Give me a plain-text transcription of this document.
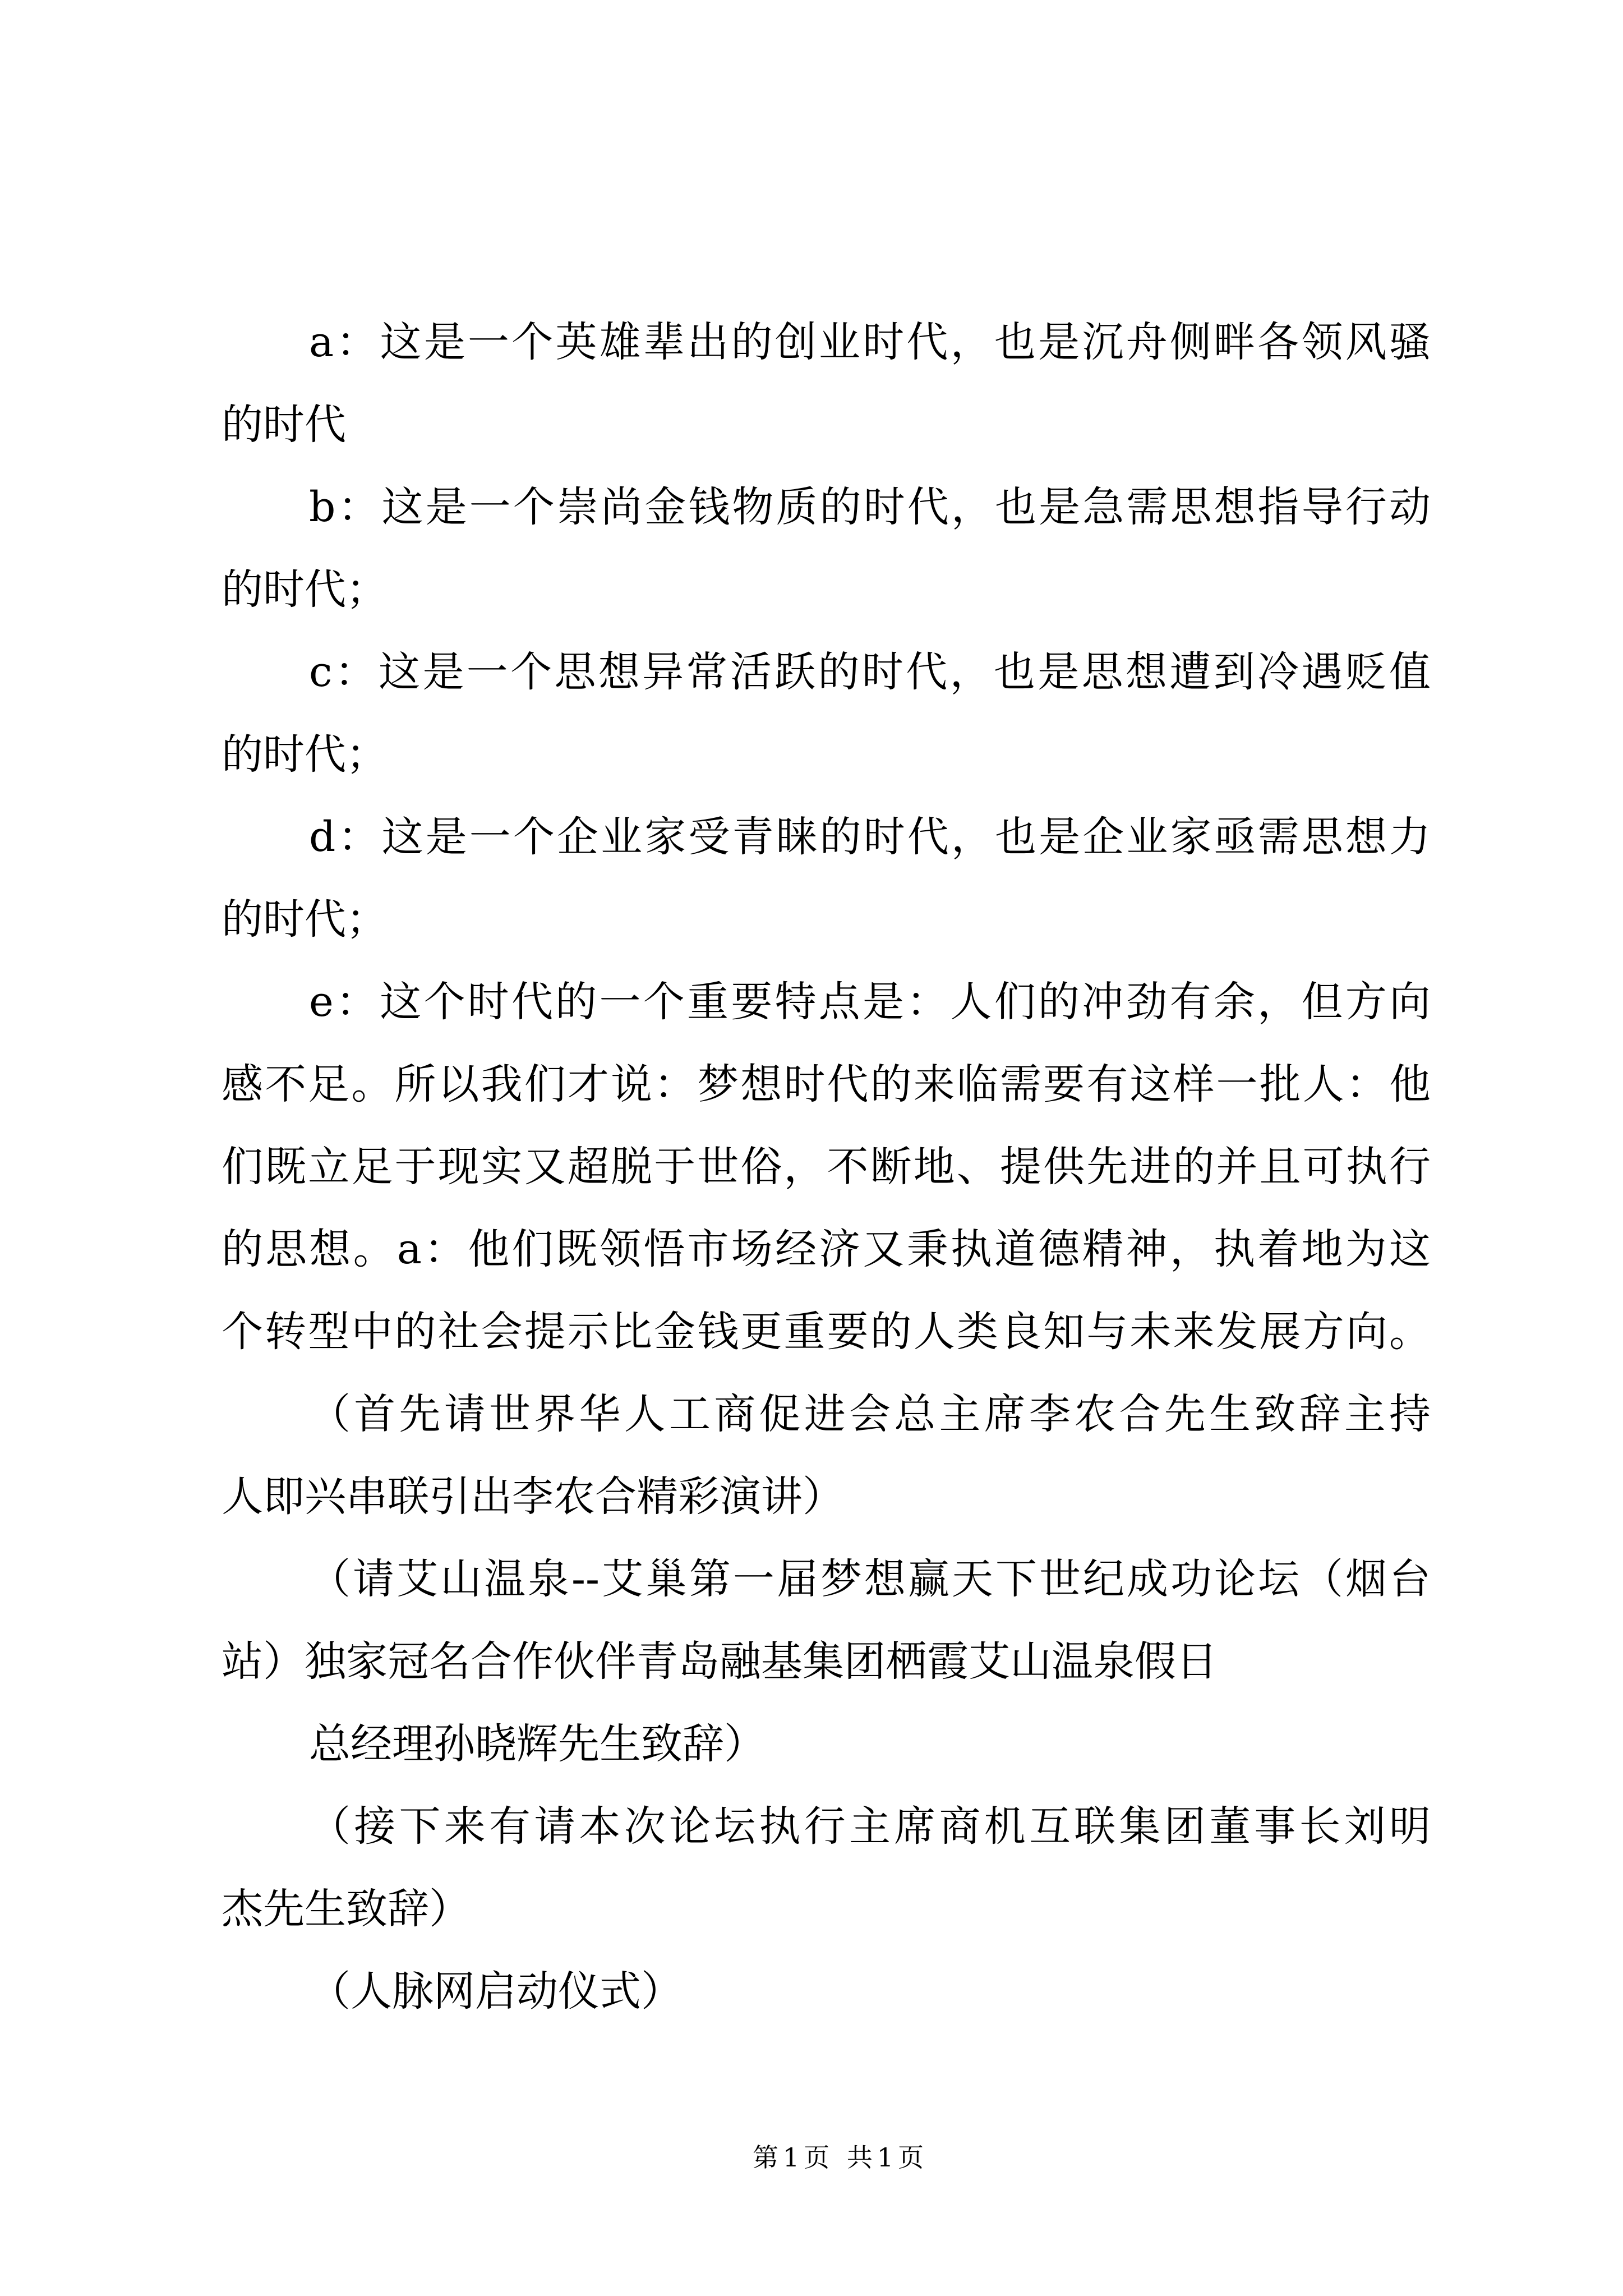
a：这是一个英雄辈出的创业时代，也是沉舟侧畔各领风骚
的时代
b：这是一个崇尚金钱物质的时代，也是急需思想指导行动
的时代；
c：这是一个思想异常活跃的时代，也是思想遭到冷遇贬值
的时代；
d：这是一个企业家受青睐的时代，也是企业家亟需思想力
的时代；
e：这个时代的一个重要特点是：人们的冲劲有余，但方向
感不足。所以我们才说：梦想时代的来临需要有这样一批人：他
们既立足于现实又超脱于世俗，不断地、提供先进的并且可执行
的思想。a：他们既领悟市场经济又秉执道德精神，执着地为这
个转型中的社会提示比金钱更重要的人类良知与未来发展方向。
（首先请世界华人工商促进会总主席李农合先生致辞主持
人即兴串联引出李农合精彩演讲）
（请艾山温泉--艾巢第一届梦想赢天下世纪成功论坛（烟台
站）独家冠名合作伙伴青岛融基集团栖霞艾山温泉假日
总经理孙晓辉先生致辞）
（接下来有请本次论坛执行主席商机互联集团董事长刘明
杰先生致辞）
（人脉网启动仪式）
第1页 共1页
